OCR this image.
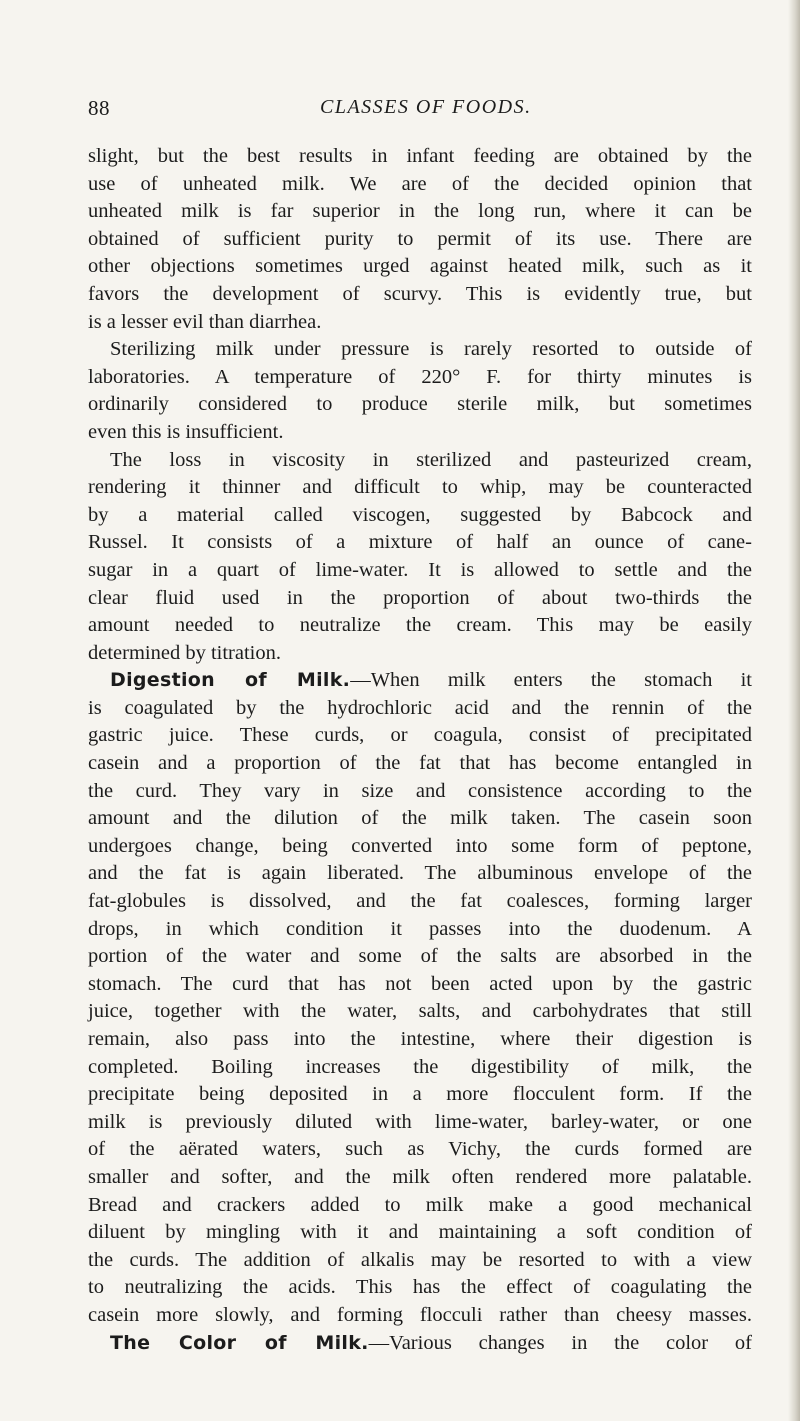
88	CLASSES OF FOODS.
slight, but the best results in infant feeding are obtained by the
use of unheated milk. We are of the decided opinion that
unheated milk is far superior in the long run, where it can be
obtained of sufficient purity to permit of its use. There are
other objections sometimes urged against heated milk, such as it
favors the development of scurvy. This is evidently true, but
is a lesser evil than diarrhea.
Sterilizing milk under pressure is rarely resorted to outside of
laboratories. A temperature of 220° F. for thirty minutes is
ordinarily considered to produce sterile milk, but sometimes
even this is insufficient.
The loss in viscosity in sterilized and pasteurized cream,
rendering it thinner and difficult to whip, may be counteracted
by a material called viscogen, suggested by Babcock and
Russel. It consists of a mixture of half an ounce of cane-
sugar in a quart of lime-water. It is allowed to settle and the
clear fluid used in the proportion of about two-thirds the
amount needed to neutralize the cream. This may be easily
determined by titration.
Digestion of Milk.—When milk enters the stomach it
is coagulated by the hydrochloric acid and the rennin of the
gastric juice. These curds, or coagula, consist of precipitated
casein and a proportion of the fat that has become entangled in
the curd. They vary in size and consistence according to the
amount and the dilution of the milk taken. The casein soon
undergoes change, being converted into some form of peptone,
and the fat is again liberated. The albuminous envelope of the
fat-globules is dissolved, and the fat coalesces, forming larger
drops, in which condition it passes into the duodenum. A
portion of the water and some of the salts are absorbed in the
stomach. The curd that has not been acted upon by the gastric
juice, together with the water, salts, and carbohydrates that still
remain, also pass into the intestine, where their digestion is
completed. Boiling increases the digestibility of milk, the
precipitate being deposited in a more flocculent form. If the
milk is previously diluted with lime-water, barley-water, or one
of the aërated waters, such as Vichy, the curds formed are
smaller and softer, and the milk often rendered more palatable.
Bread and crackers added to milk make a good mechanical
diluent by mingling with it and maintaining a soft condition of
the curds. The addition of alkalis may be resorted to with a view
to neutralizing the acids. This has the effect of coagulating the
casein more slowly, and forming flocculi rather than cheesy masses.
The Color of Milk.—Various changes in the color of
